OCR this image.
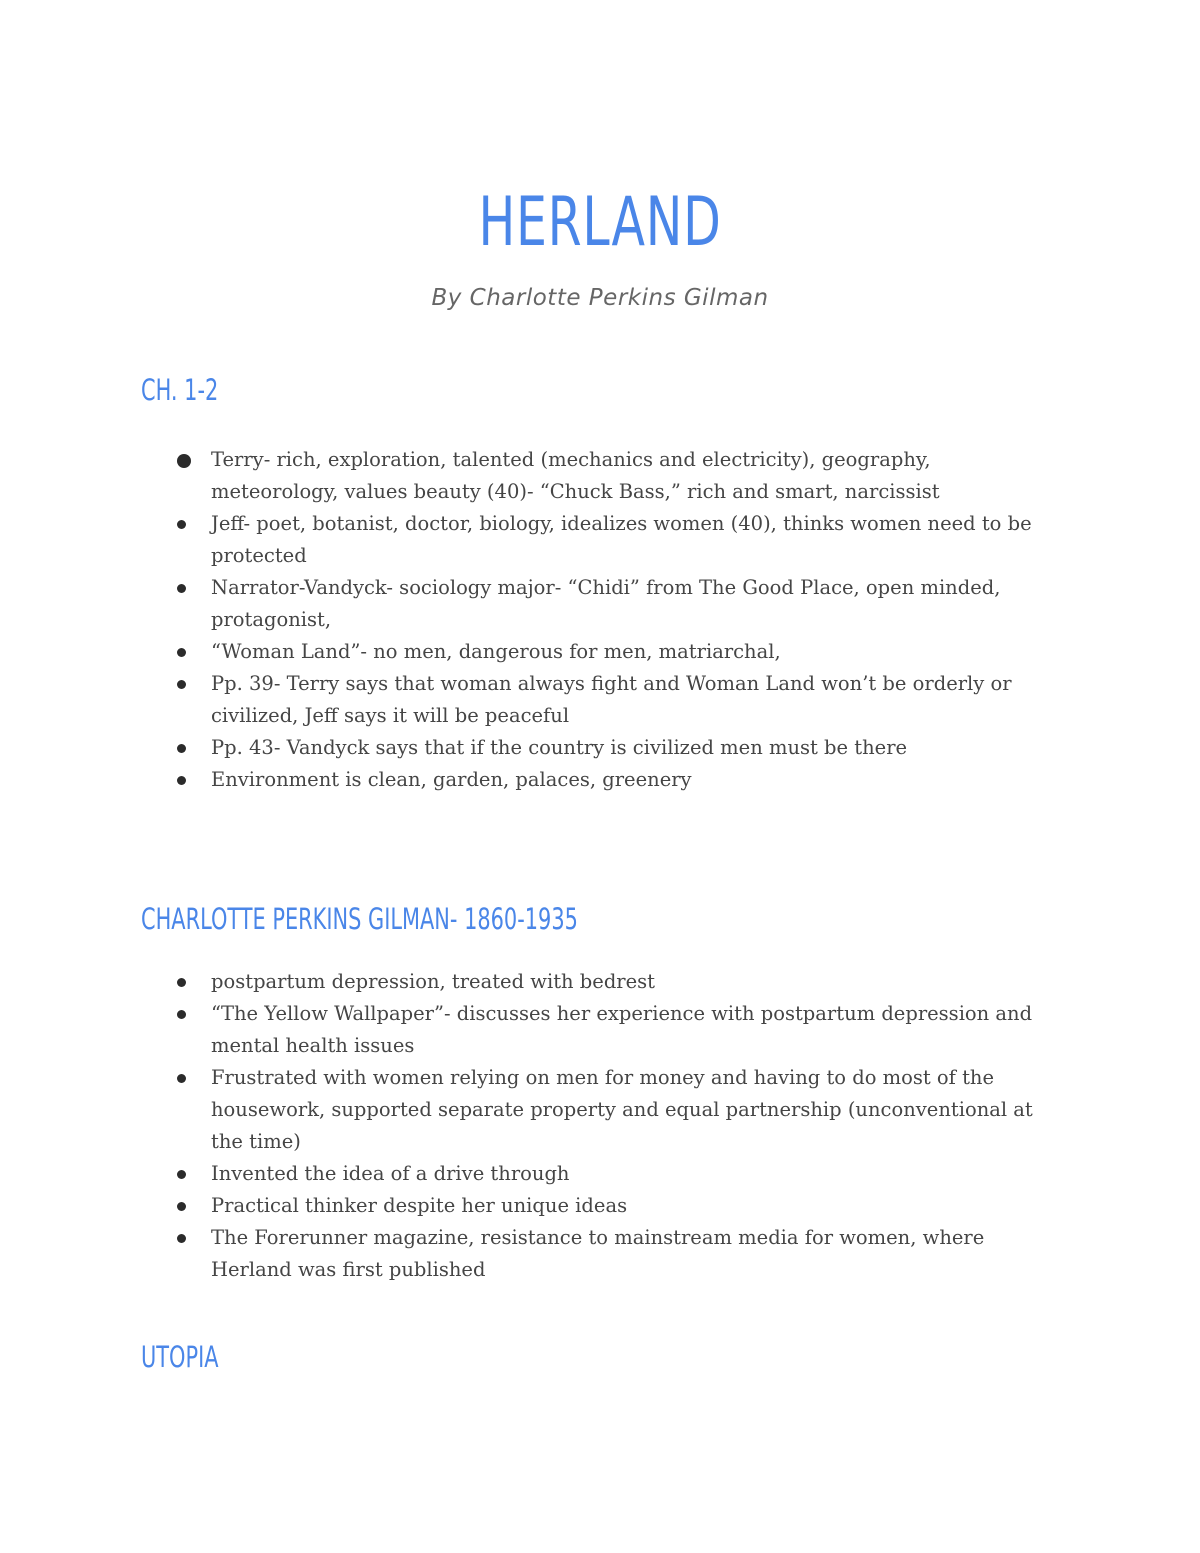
HERLAND
By Charlotte Perkins Gilman
CH. 1-2
Terry- rich, exploration, talented (mechanics and electricity), geography, meteorology, values beauty (40)- “Chuck Bass,” rich and smart, narcissist
Jeff- poet, botanist, doctor, biology, idealizes women (40), thinks women need to be protected
Narrator-Vandyck- sociology major- “Chidi” from The Good Place, open minded, protagonist,
“Woman Land”- no men, dangerous for men, matriarchal,
Pp. 39- Terry says that woman always fight and Woman Land won’t be orderly or civilized, Jeff says it will be peaceful
Pp. 43- Vandyck says that if the country is civilized men must be there
Environment is clean, garden, palaces, greenery
CHARLOTTE PERKINS GILMAN- 1860-1935
postpartum depression, treated with bedrest
“The Yellow Wallpaper”- discusses her experience with postpartum depression and mental health issues
Frustrated with women relying on men for money and having to do most of the housework, supported separate property and equal partnership (unconventional at the time)
Invented the idea of a drive through
Practical thinker despite her unique ideas
The Forerunner magazine, resistance to mainstream media for women, where Herland was first published
UTOPIA
